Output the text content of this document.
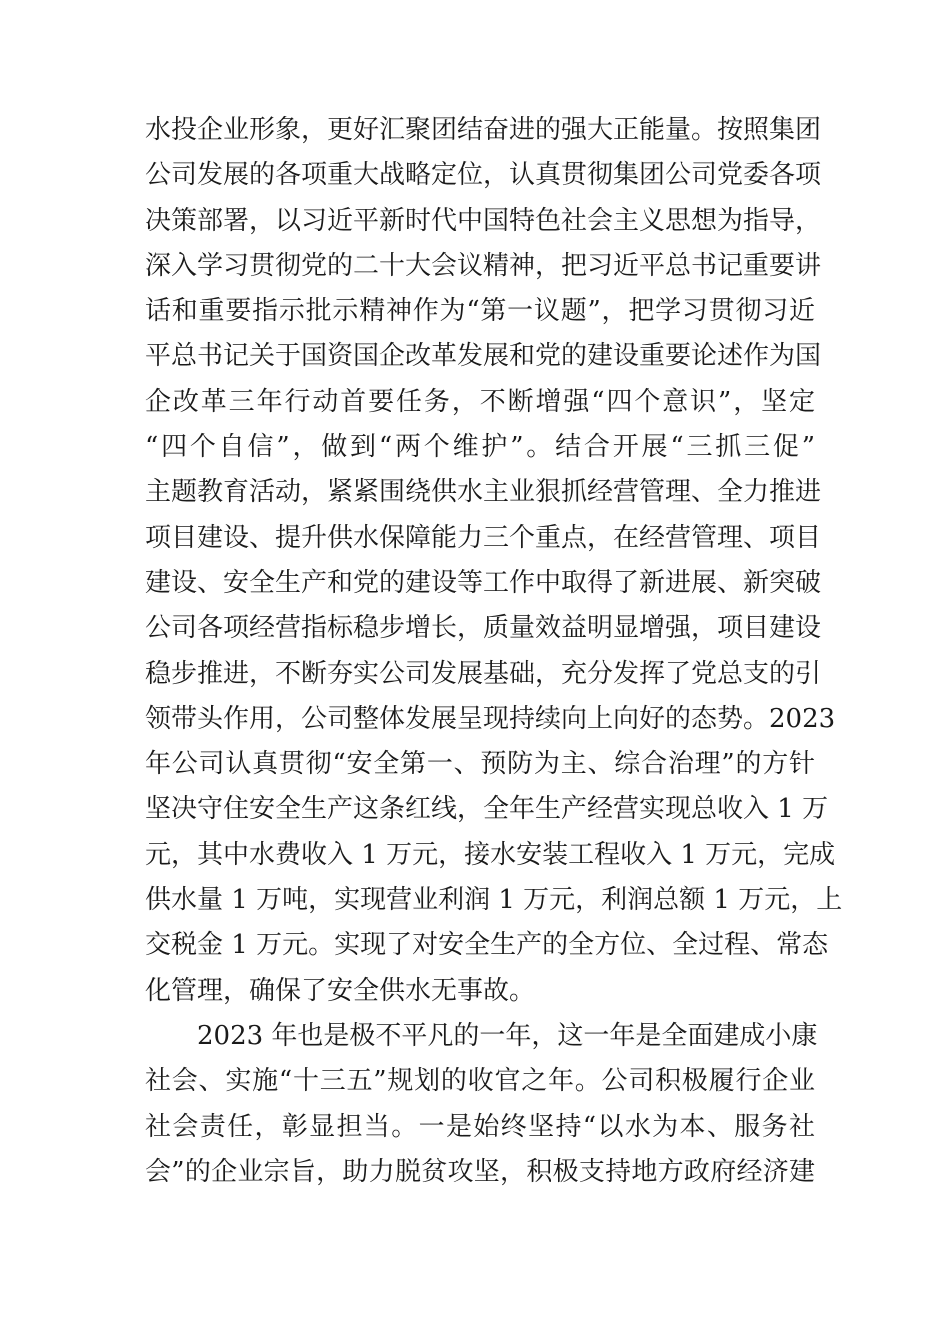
水投企业形象，更好汇聚团结奋进的强大正能量。按照集团
公司发展的各项重大战略定位，认真贯彻集团公司党委各项
决策部署，以习近平新时代中国特色社会主义思想为指导，
深入学习贯彻党的二十大会议精神，把习近平总书记重要讲
话和重要指示批示精神作为“第一议题”，把学习贯彻习近
平总书记关于国资国企改革发展和党的建设重要论述作为国
企改革三年行动首要任务，不断增强“四个意识”，坚定
“四个自信”，做到“两个维护”。结合开展“三抓三促”
主题教育活动，紧紧围绕供水主业狠抓经营管理、全力推进
项目建设、提升供水保障能力三个重点，在经营管理、项目
建设、安全生产和党的建设等工作中取得了新进展、新突破
公司各项经营指标稳步增长，质量效益明显增强，项目建设
稳步推进，不断夯实公司发展基础，充分发挥了党总支的引
领带头作用，公司整体发展呈现持续向上向好的态势。2023
年公司认真贯彻“安全第一、预防为主、综合治理”的方针
坚决守住安全生产这条红线，全年生产经营实现总收入 1 万
元，其中水费收入 1 万元，接水安装工程收入 1 万元，完成
供水量 1 万吨，实现营业利润 1 万元，利润总额 1 万元，上
交税金 1 万元。实现了对安全生产的全方位、全过程、常态
化管理，确保了安全供水无事故。
2023 年也是极不平凡的一年，这一年是全面建成小康
社会、实施“十三五”规划的收官之年。公司积极履行企业
社会责任，彰显担当。一是始终坚持“以水为本、服务社
会”的企业宗旨，助力脱贫攻坚，积极支持地方政府经济建
